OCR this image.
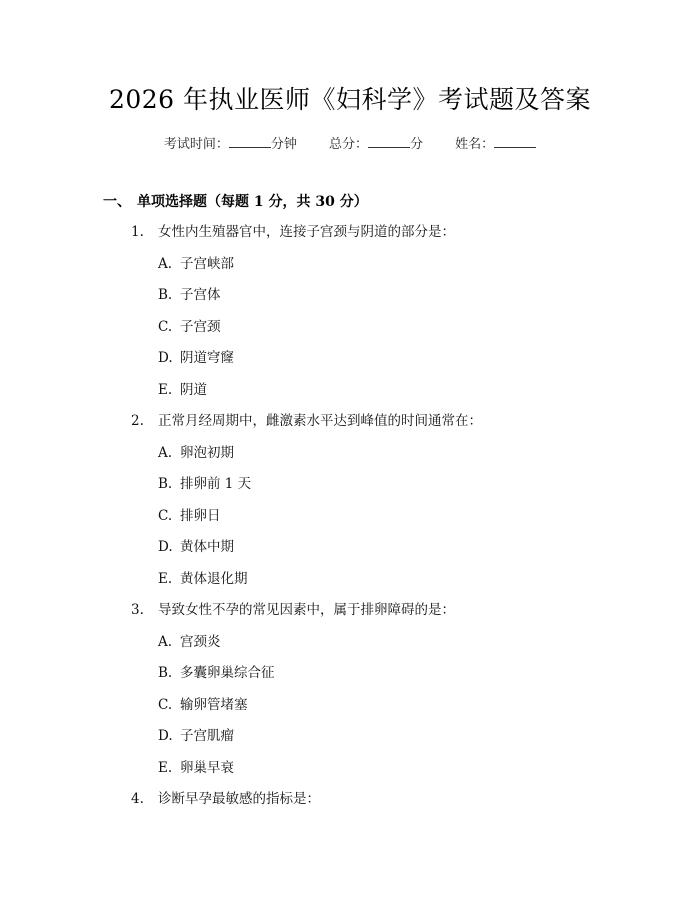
2026 年执业医师《妇科学》考试题及答案
考试时间：	分钟 总分：	分 姓名：
一、 单项选择题（每题 1 分，共 30 分）
1. 女性内生殖器官中，连接子宫颈与阴道的部分是：
A. 子宫峡部
B. 子宫体
C. 子宫颈
D. 阴道穹窿
E. 阴道
2. 正常月经周期中，雌激素水平达到峰值的时间通常在：
A. 卵泡初期
B. 排卵前 1 天
C. 排卵日
D. 黄体中期
E. 黄体退化期
3. 导致女性不孕的常见因素中，属于排卵障碍的是：
A. 宫颈炎
B. 多囊卵巢综合征
C. 输卵管堵塞
D. 子宫肌瘤
E. 卵巢早衰
4. 诊断早孕最敏感的指标是：
